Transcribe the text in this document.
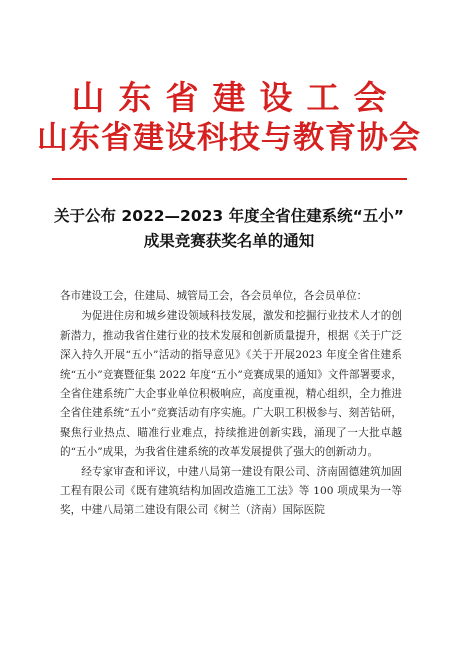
山东省建设工会
山东省建设科技与教育协会
关于公布 2022—2023 年度全省住建系统“五小”
成果竞赛获奖名单的通知

各市建设工会，住建局、城管局工会，各会员单位，各会员单位：

为促进住房和城乡建设领域科技发展，激发和挖掘行业技术人才的创新潜力，推动我省住建行业的技术发展和创新质量提升，根据《关于广泛深入持久开展“五小”活动的指导意见》《关于开展2023 年度全省住建系统“五小”竞赛暨征集 2022 年度“五小”竞赛成果的通知》文件部署要求，全省住建系统广大企事业单位积极响应，高度重视，精心组织，全力推进全省住建系统“五小”竞赛活动有序实施。广大职工积极参与、刻苦钻研，聚焦行业热点、瞄准行业难点，持续推进创新实践，涌现了一大批卓越的“五小”成果，为我省住建系统的改革发展提供了强大的创新动力。

经专家审查和评议，中建八局第一建设有限公司、济南固德建筑加固工程有限公司《既有建筑结构加固改造施工工法》等 100 项成果为一等奖，中建八局第二建设有限公司《树兰（济南）国际医院
